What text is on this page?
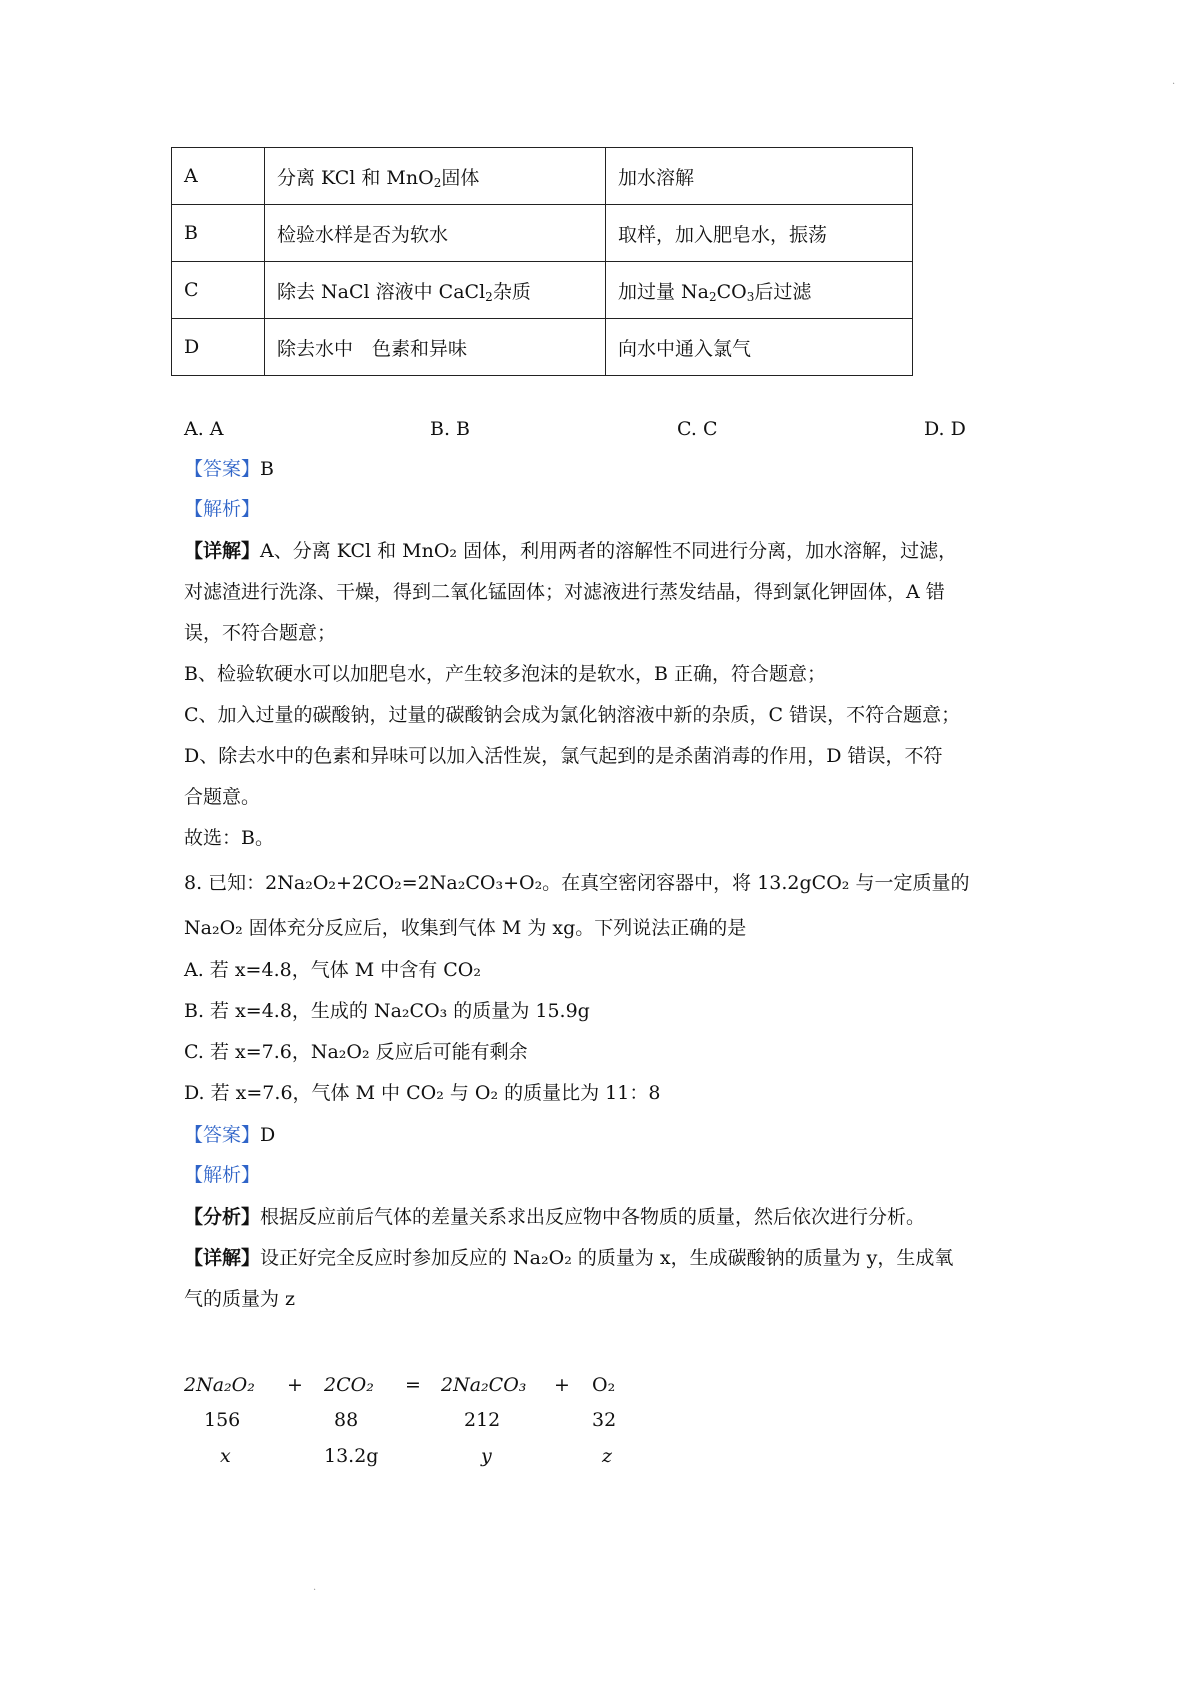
.
.
A	分离 KCl 和 MnO$_2$固体	加水溶解
B	检验水样是否为软水	取样，加入肥皂水，振荡
C	除去 NaCl 溶液中 CaCl$_2$杂质	加过量 $Na_2CO_3$后过滤
D	除去水中　色素和异味	向水中通入氯气
A. A	B. B	C. C	D. D
【答案】B
【解析】
【详解】A、分离 KCl 和 MnO₂ 固体，利用两者的溶解性不同进行分离，加水溶解，过滤，
对滤渣进行洗涤、干燥，得到二氧化锰固体；对滤液进行蒸发结晶，得到氯化钾固体，A 错
误，不符合题意；
B、检验软硬水可以加肥皂水，产生较多泡沫的是软水，B 正确，符合题意；
C、加入过量的碳酸钠，过量的碳酸钠会成为氯化钠溶液中新的杂质，C 错误，不符合题意；
D、除去水中的色素和异味可以加入活性炭，氯气起到的是杀菌消毒的作用，D 错误，不符
合题意。
故选：B。
8. 已知：2Na₂O₂+2CO₂=2Na₂CO₃+O₂。在真空密闭容器中，将 13.2gCO₂ 与一定质量的
Na₂O₂ 固体充分反应后，收集到气体 M 为 xg。下列说法正确的是
A. 若 x=4.8，气体 M 中含有 CO₂
B. 若 x=4.8，生成的 Na₂CO₃ 的质量为 15.9g
C. 若 x=7.6，Na₂O₂ 反应后可能有剩余
D. 若 x=7.6，气体 M 中 CO₂ 与 O₂ 的质量比为 11：8
【答案】D
【解析】
【分析】根据反应前后气体的差量关系求出反应物中各物质的质量，然后依次进行分析。
【详解】设正好完全反应时参加反应的 Na₂O₂ 的质量为 x，生成碳酸钠的质量为 y，生成氧
气的质量为 z
2Na₂O₂ + 2CO₂ = 2Na₂CO₃ + O₂
156	88	212	32
x	13.2g	y	z
